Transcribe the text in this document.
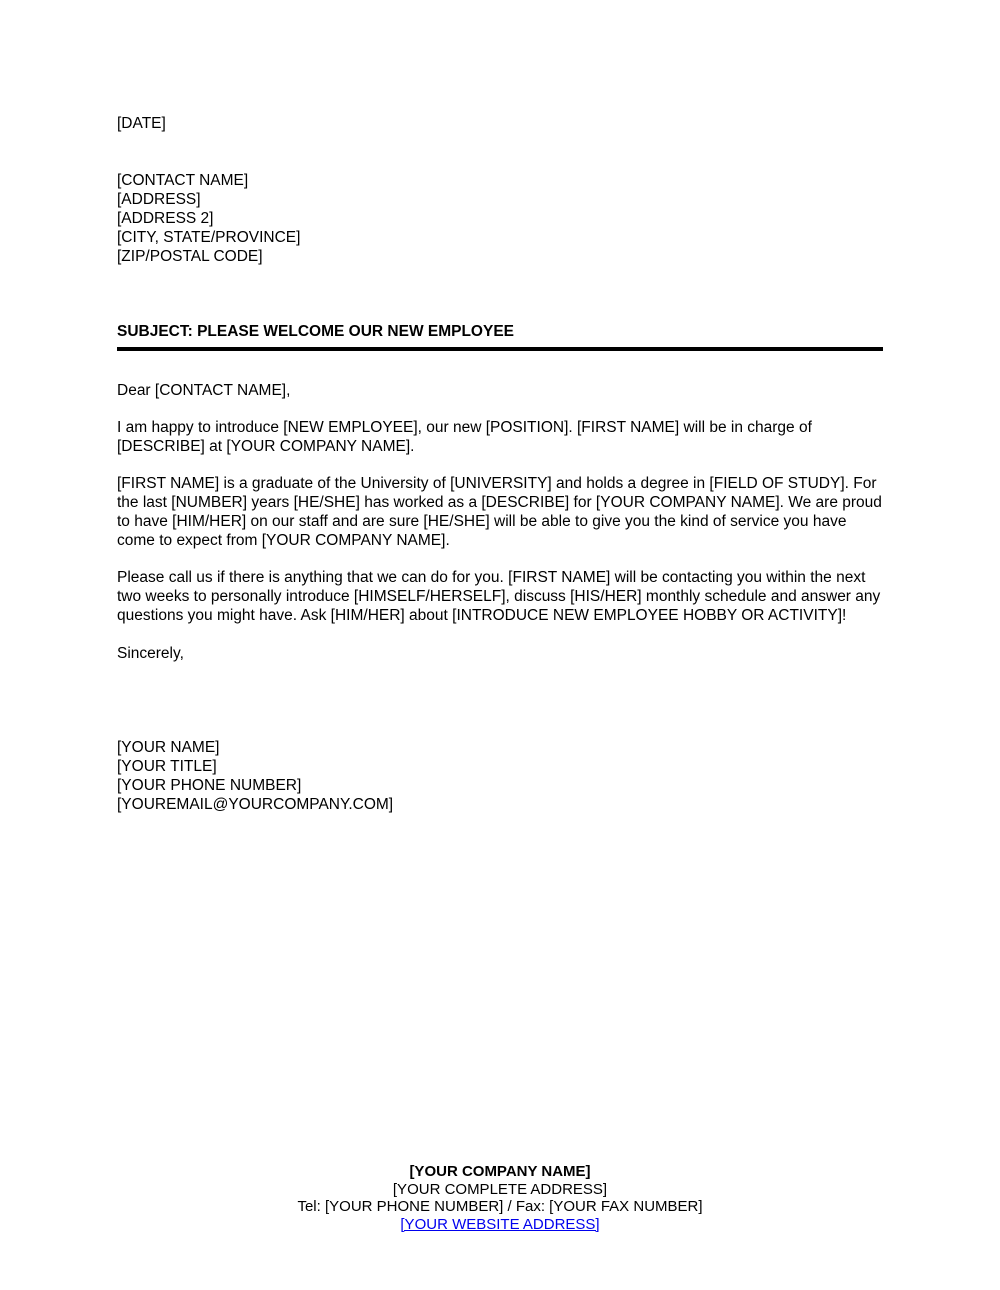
[DATE]
[CONTACT NAME]
[ADDRESS]
[ADDRESS 2]
[CITY, STATE/PROVINCE]
[ZIP/POSTAL CODE]
SUBJECT: PLEASE WELCOME OUR NEW EMPLOYEE
Dear [CONTACT NAME],

I am happy to introduce [NEW EMPLOYEE], our new [POSITION]. [FIRST NAME] will be in charge of [DESCRIBE] at [YOUR COMPANY NAME].

[FIRST NAME] is a graduate of the University of [UNIVERSITY] and holds a degree in [FIELD OF STUDY]. For the last [NUMBER] years [HE/SHE] has worked as a [DESCRIBE] for [YOUR COMPANY NAME]. We are proud to have [HIM/HER] on our staff and are sure [HE/SHE] will be able to give you the kind of service you have come to expect from [YOUR COMPANY NAME].

Please call us if there is anything that we can do for you. [FIRST NAME] will be contacting you within the next two weeks to personally introduce [HIMSELF/HERSELF], discuss [HIS/HER] monthly schedule and answer any questions you might have. Ask [HIM/HER] about [INTRODUCE NEW EMPLOYEE HOBBY OR ACTIVITY]!

Sincerely,
[YOUR NAME]
[YOUR TITLE]
[YOUR PHONE NUMBER]
[YOUREMAIL@YOURCOMPANY.COM]
[YOUR COMPANY NAME]
[YOUR COMPLETE ADDRESS]
Tel: [YOUR PHONE NUMBER] / Fax: [YOUR FAX NUMBER]
[YOUR WEBSITE ADDRESS]
